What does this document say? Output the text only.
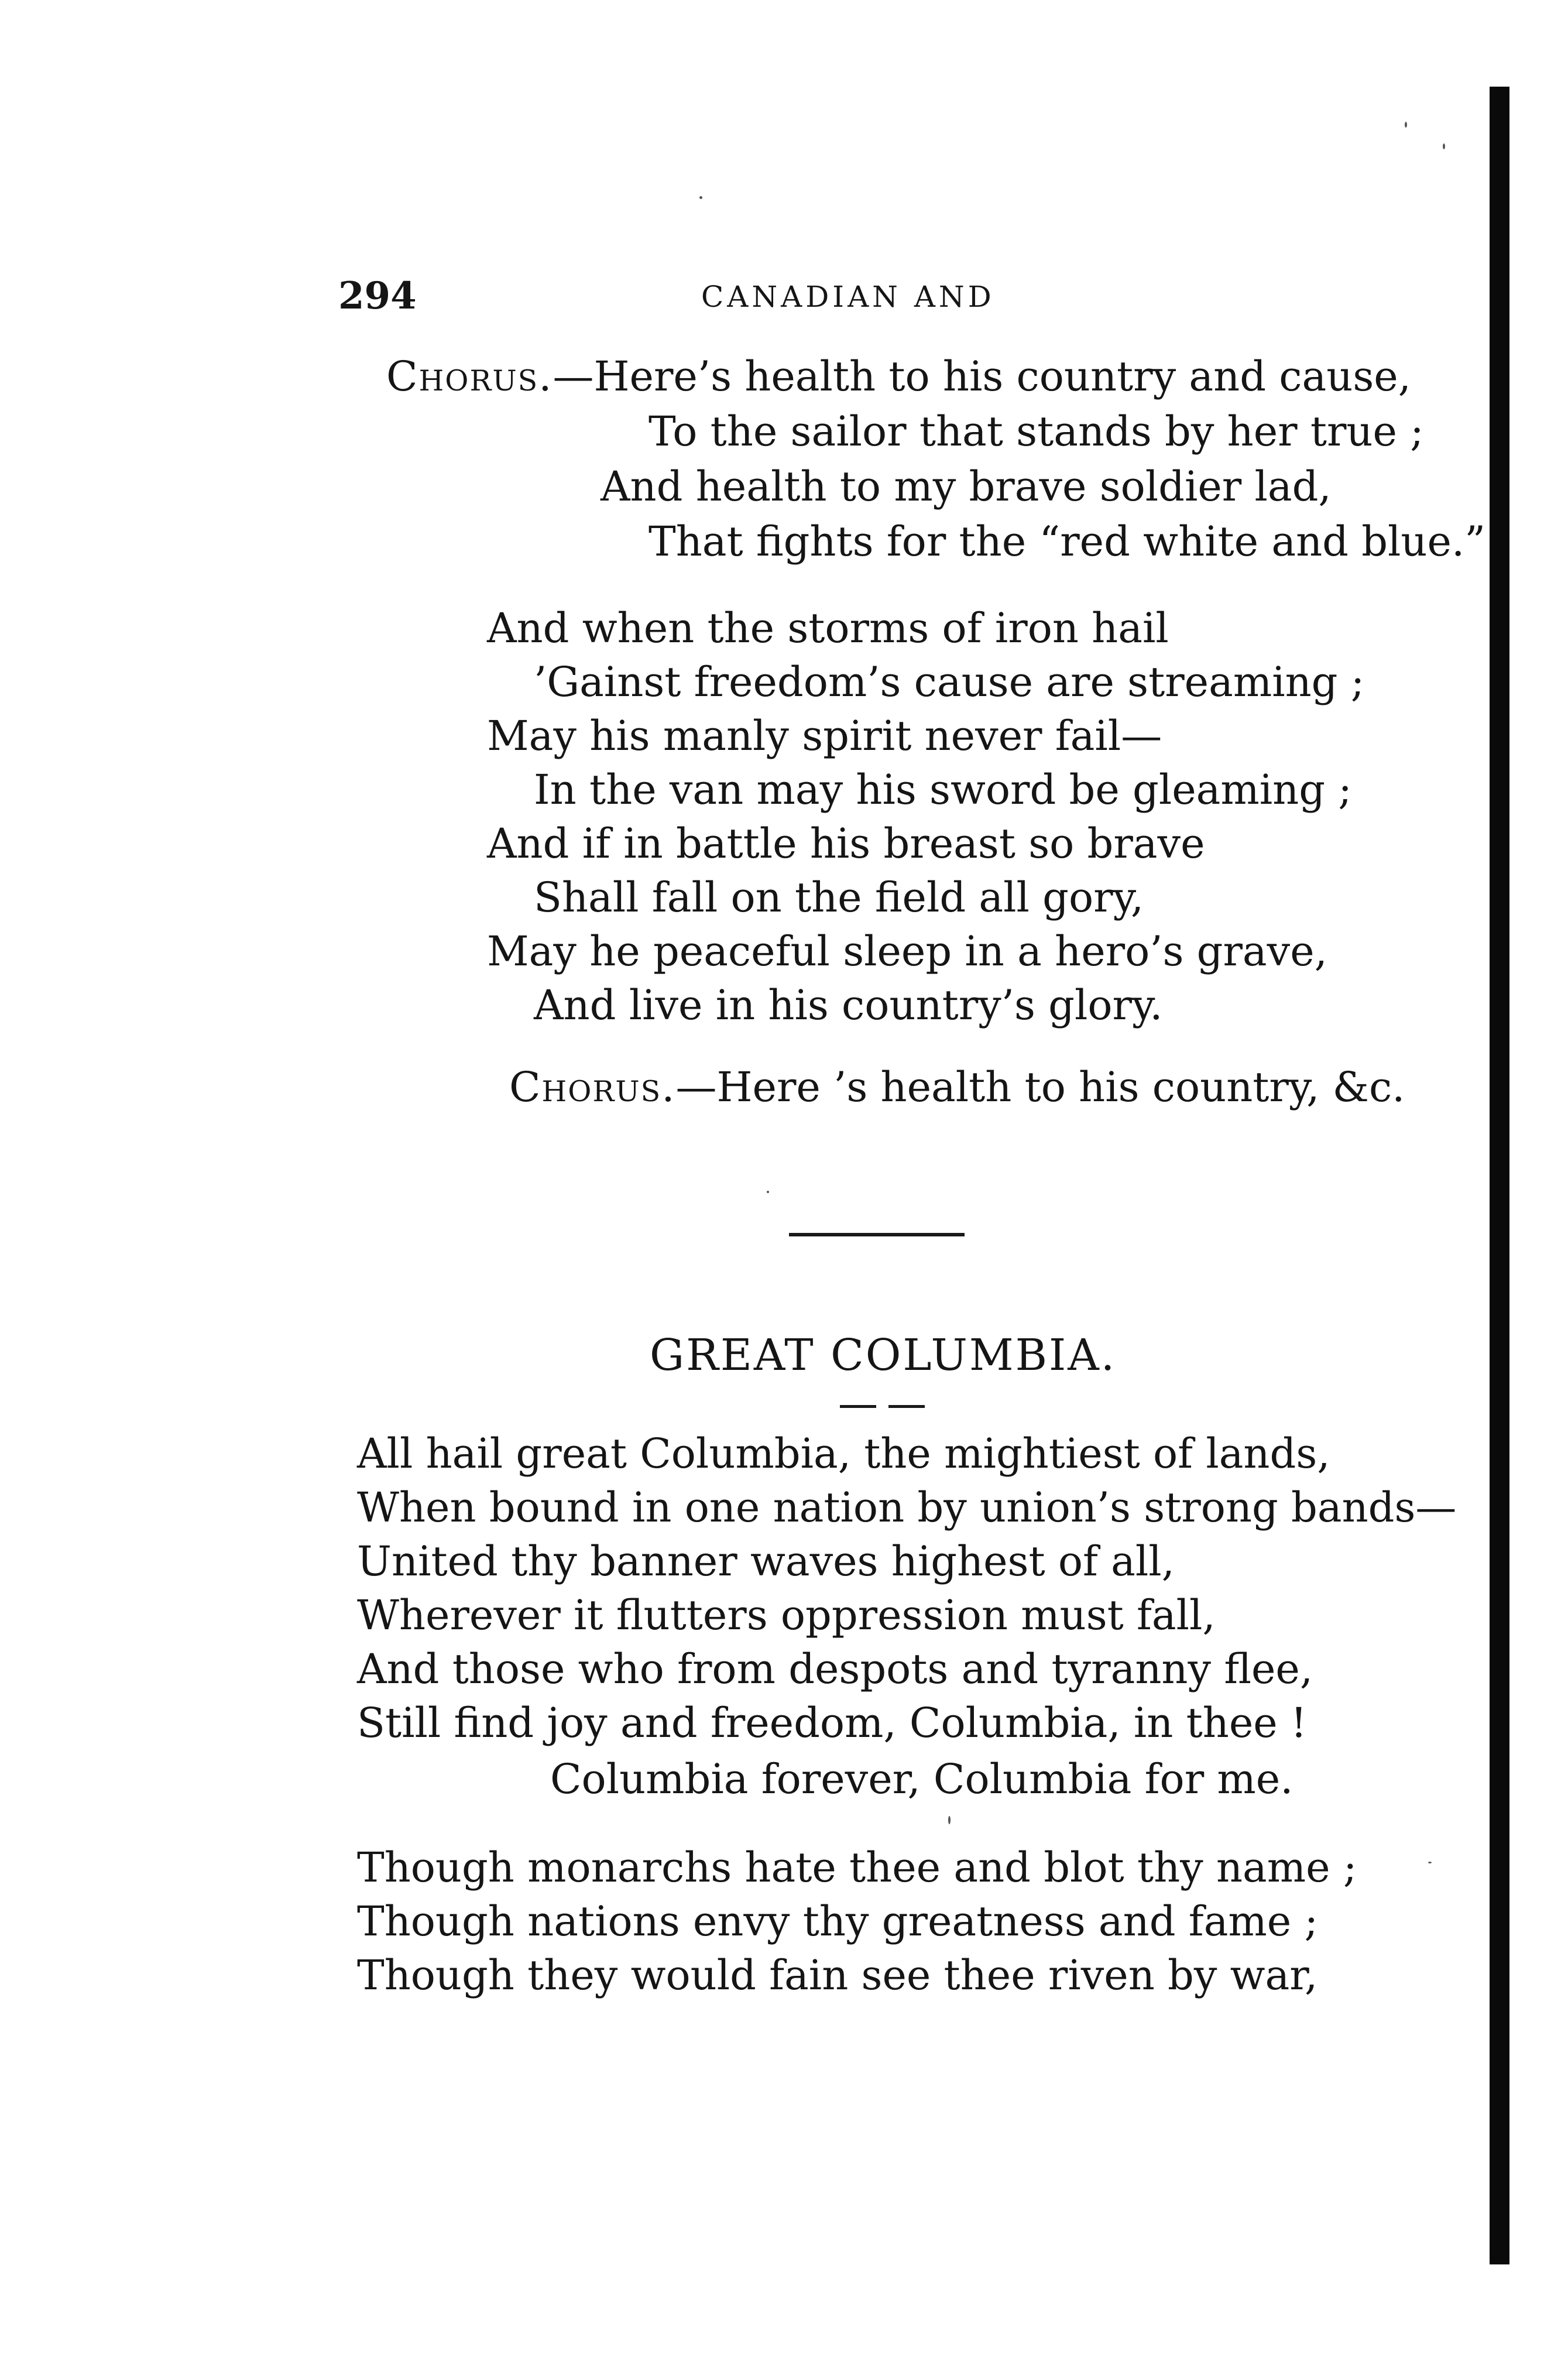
294	CANADIAN AND
Chorus.—Here’s health to his country and cause,
To the sailor that stands by her true ;
And health to my brave soldier lad,
That fights for the “red white and blue.”
And when the storms of iron hail
’Gainst freedom’s cause are streaming ;
May his manly spirit never fail—
In the van may his sword be gleaming ;
And if in battle his breast so brave
Shall fall on the field all gory,
May he peaceful sleep in a hero’s grave,
And live in his country’s glory.
Chorus.—Here ’s health to his country, &c.
GREAT COLUMBIA.
All hail great Columbia, the mightiest of lands,
When bound in one nation by union’s strong bands—
United thy banner waves highest of all,
Wherever it flutters oppression must fall,
And those who from despots and tyranny flee,
Still find joy and freedom, Columbia, in thee !
Columbia forever, Columbia for me.
Though monarchs hate thee and blot thy name ;
Though nations envy thy greatness and fame ;
Though they would fain see thee riven by war,
